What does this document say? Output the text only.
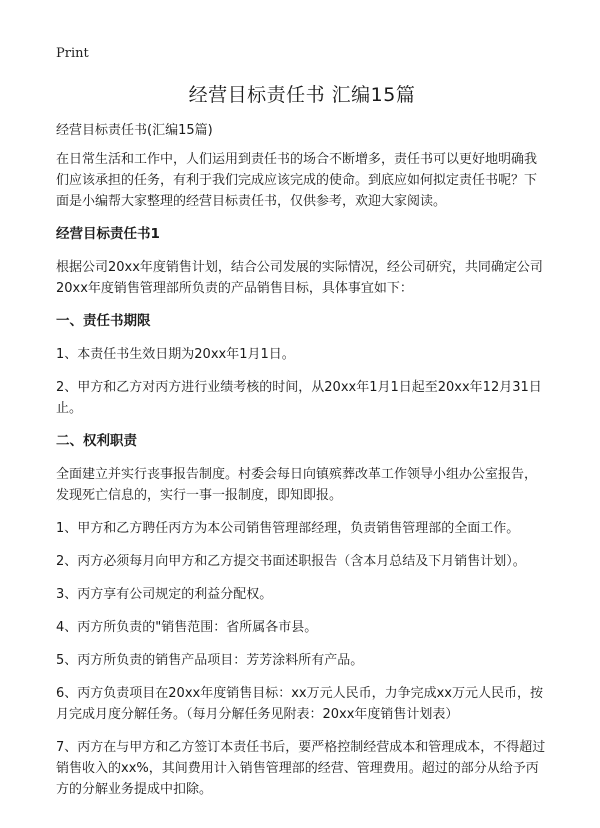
Print
经营目标责任书 汇编15篇

经营目标责任书(汇编15篇)

在日常生活和工作中，人们运用到责任书的场合不断增多，责任书可以更好地明确我们应该承担的任务，有利于我们完成应该完成的使命。到底应如何拟定责任书呢？下面是小编帮大家整理的经营目标责任书，仅供参考，欢迎大家阅读。

经营目标责任书1

根据公司20xx年度销售计划，结合公司发展的实际情况，经公司研究，共同确定公司20xx年度销售管理部所负责的产品销售目标，具体事宜如下：

一、责任书期限

1、本责任书生效日期为20xx年1月1日。

2、甲方和乙方对丙方进行业绩考核的时间，从20xx年1月1日起至20xx年12月31日止。

二、权利职责

全面建立并实行丧事报告制度。村委会每日向镇殡葬改革工作领导小组办公室报告，发现死亡信息的，实行一事一报制度，即知即报。

1、甲方和乙方聘任丙方为本公司销售管理部经理，负责销售管理部的全面工作。

2、丙方必须每月向甲方和乙方提交书面述职报告（含本月总结及下月销售计划）。

3、丙方享有公司规定的利益分配权。

4、丙方所负责的"销售范围：省所属各市县。

5、丙方所负责的销售产品项目：芳芳涂料所有产品。

6、丙方负责项目在20xx年度销售目标：xx万元人民币，力争完成xx万元人民币，按月完成月度分解任务。（每月分解任务见附表：20xx年度销售计划表）

7、丙方在与甲方和乙方签订本责任书后，要严格控制经营成本和管理成本，不得超过销售收入的xx%，其间费用计入销售管理部的经营、管理费用。超过的部分从给予丙方的分解业务提成中扣除。
